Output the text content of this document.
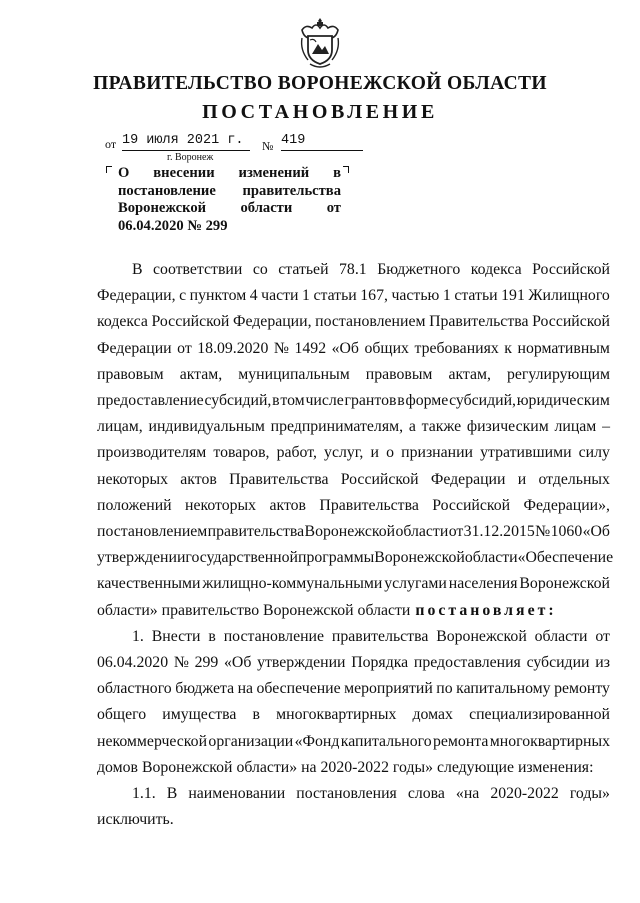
ПРАВИТЕЛЬСТВО ВОРОНЕЖСКОЙ ОБЛАСТИ
ПОСТАНОВЛЕНИЕ
от 19 июля 2021 г.	№ 419
г. Воронеж
О внесении изменений в
постановление правительства
Воронежской области от
06.04.2020 № 299
В соответствии со статьей 78.1 Бюджетного кодекса Российской
Федерации, с пунктом 4 части 1 статьи 167, частью 1 статьи 191 Жилищного
кодекса Российской Федерации, постановлением Правительства Российской
Федерации от 18.09.2020 № 1492 «Об общих требованиях к нормативным
правовым актам, муниципальным правовым актам, регулирующим
предоставление субсидий, в том числе грантов в форме субсидий, юридическим
лицам, индивидуальным предпринимателям, а также физическим лицам –
производителям товаров, работ, услуг, и о признании утратившими силу
некоторых актов Правительства Российской Федерации и отдельных
положений некоторых актов Правительства Российской Федерации»,
постановлением правительства Воронежской области от 31.12.2015 № 1060 «Об
утверждении государственной программы Воронежской области «Обеспечение
качественными жилищно-коммунальными услугами населения Воронежской
области» правительство Воронежской области постановляет:
1. Внести в постановление правительства Воронежской области от
06.04.2020 № 299 «Об утверждении Порядка предоставления субсидии из
областного бюджета на обеспечение мероприятий по капитальному ремонту
общего имущества в многоквартирных домах специализированной
некоммерческой организации «Фонд капитального ремонта многоквартирных
домов Воронежской области» на 2020-2022 годы» следующие изменения:
1.1. В наименовании постановления слова «на 2020-2022 годы»
исключить.
